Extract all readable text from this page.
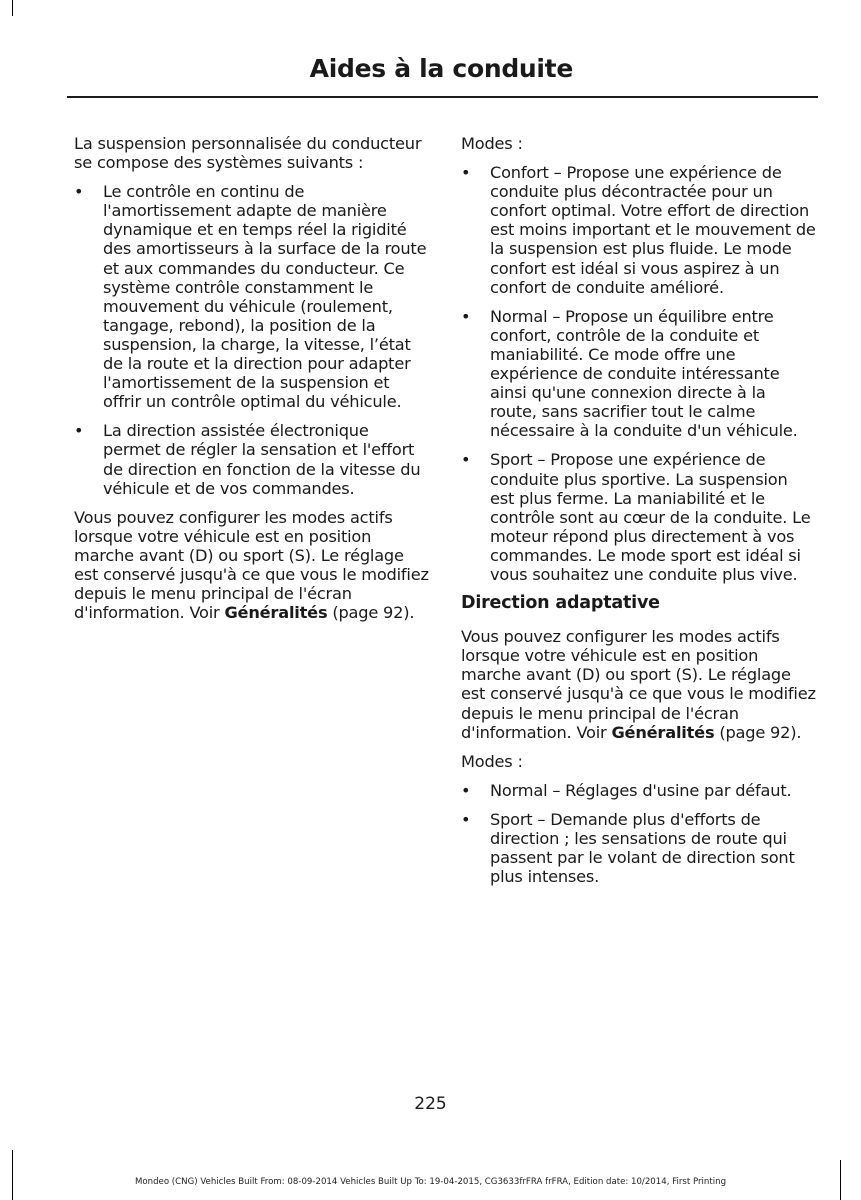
Aides à la conduite

La suspension personnalisée du conducteur se compose des systèmes suivants :

• Le contrôle en continu de l'amortissement adapte de manière dynamique et en temps réel la rigidité des amortisseurs à la surface de la route et aux commandes du conducteur. Ce système contrôle constamment le mouvement du véhicule (roulement, tangage, rebond), la position de la suspension, la charge, la vitesse, l’état de la route et la direction pour adapter l'amortissement de la suspension et offrir un contrôle optimal du véhicule.
• La direction assistée électronique permet de régler la sensation et l'effort de direction en fonction de la vitesse du véhicule et de vos commandes.

Vous pouvez configurer les modes actifs lorsque votre véhicule est en position marche avant (D) ou sport (S). Le réglage est conservé jusqu'à ce que vous le modifiez depuis le menu principal de l'écran d'information. Voir Généralités (page 92).

Modes :

• Confort – Propose une expérience de conduite plus décontractée pour un confort optimal. Votre effort de direction est moins important et le mouvement de la suspension est plus fluide. Le mode confort est idéal si vous aspirez à un confort de conduite amélioré.
• Normal – Propose un équilibre entre confort, contrôle de la conduite et maniabilité. Ce mode offre une expérience de conduite intéressante ainsi qu'une connexion directe à la route, sans sacrifier tout le calme nécessaire à la conduite d'un véhicule.
• Sport – Propose une expérience de conduite plus sportive. La suspension est plus ferme. La maniabilité et le contrôle sont au cœur de la conduite. Le moteur répond plus directement à vos commandes. Le mode sport est idéal si vous souhaitez une conduite plus vive.

Direction adaptative

Vous pouvez configurer les modes actifs lorsque votre véhicule est en position marche avant (D) ou sport (S). Le réglage est conservé jusqu'à ce que vous le modifiez depuis le menu principal de l'écran d'information. Voir Généralités (page 92).

Modes :

• Normal – Réglages d'usine par défaut.
• Sport – Demande plus d'efforts de direction ; les sensations de route qui passent par le volant de direction sont plus intenses.
225
Mondeo (CNG) Vehicles Built From: 08-09-2014 Vehicles Built Up To: 19-04-2015, CG3633frFRA frFRA, Edition date: 10/2014, First Printing
